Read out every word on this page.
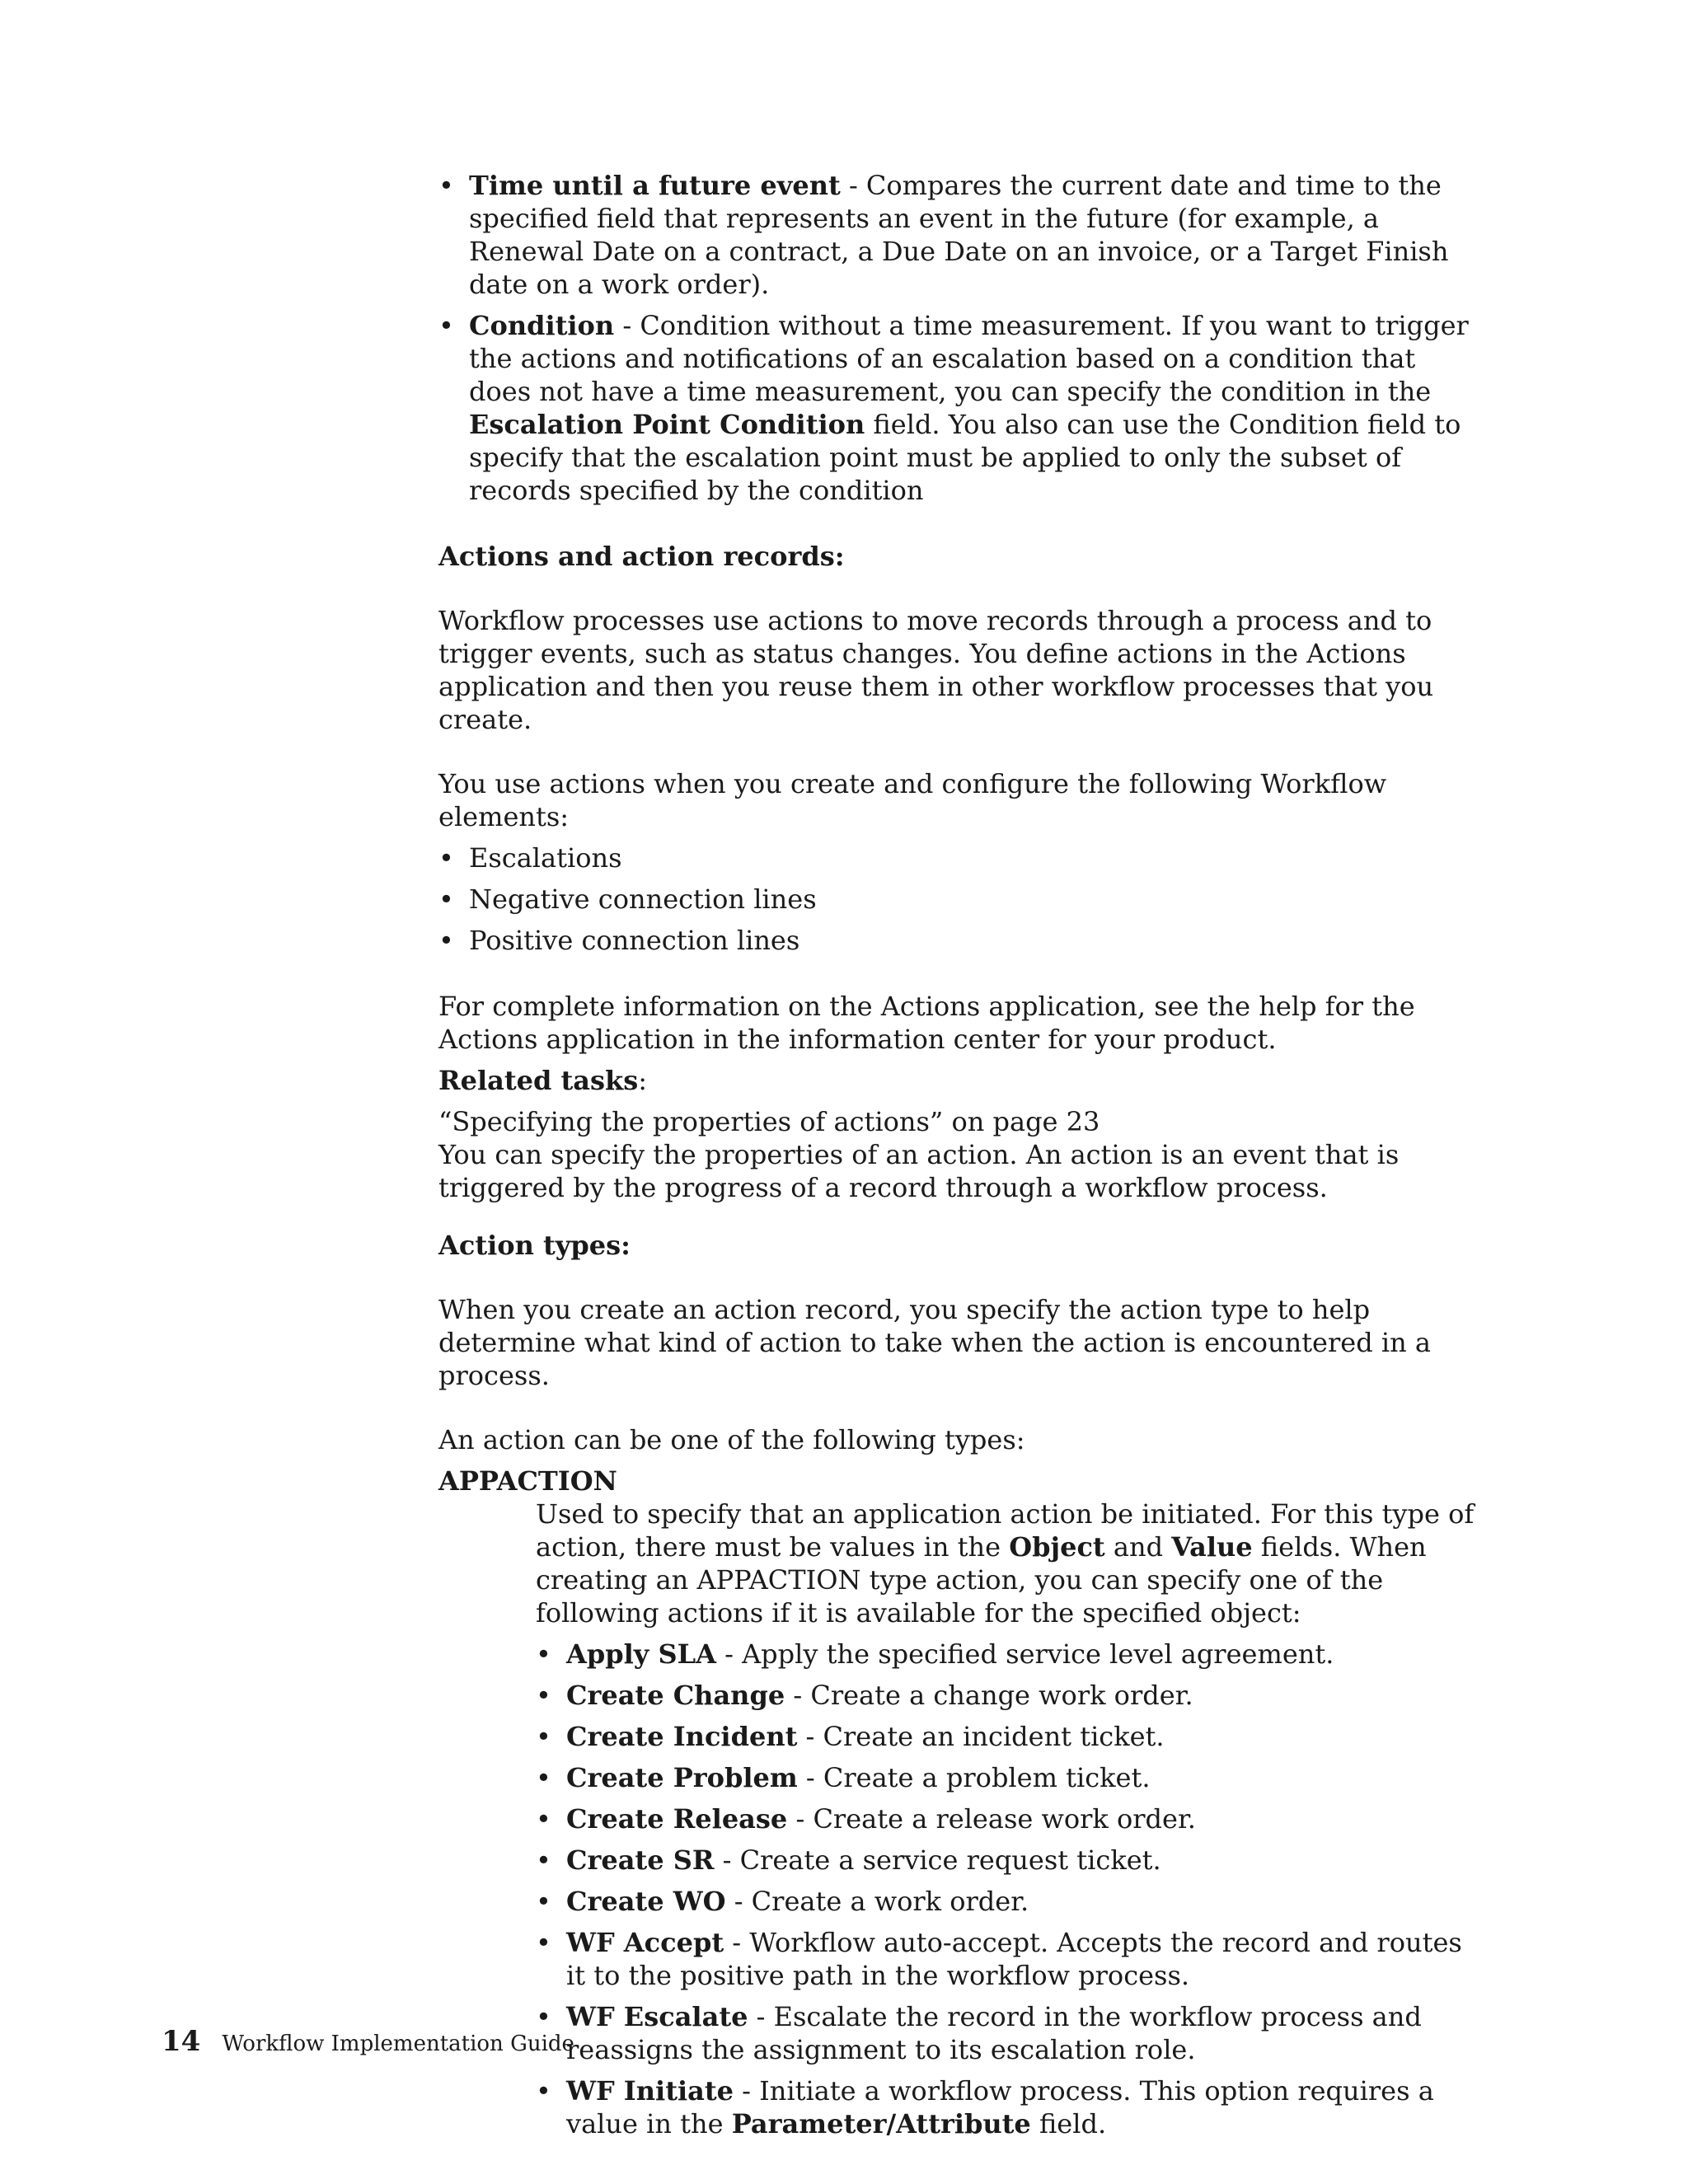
• Time until a future event - Compares the current date and time to the specified field that represents an event in the future (for example, a Renewal Date on a contract, a Due Date on an invoice, or a Target Finish date on a work order).
• Condition - Condition without a time measurement. If you want to trigger the actions and notifications of an escalation based on a condition that does not have a time measurement, you can specify the condition in the Escalation Point Condition field. You also can use the Condition field to specify that the escalation point must be applied to only the subset of records specified by the condition

Actions and action records:

Workflow processes use actions to move records through a process and to trigger events, such as status changes. You define actions in the Actions application and then you reuse them in other workflow processes that you create.

You use actions when you create and configure the following Workflow elements:

• Escalations
• Negative connection lines
• Positive connection lines

For complete information on the Actions application, see the help for the Actions application in the information center for your product.

Related tasks:

“Specifying the properties of actions” on page 23

You can specify the properties of an action. An action is an event that is triggered by the progress of a record through a workflow process.

Action types:

When you create an action record, you specify the action type to help determine what kind of action to take when the action is encountered in a process.

An action can be one of the following types:

APPACTION

Used to specify that an application action be initiated. For this type of action, there must be values in the Object and Value fields. When creating an APPACTION type action, you can specify one of the following actions if it is available for the specified object:

• Apply SLA - Apply the specified service level agreement.
• Create Change - Create a change work order.
• Create Incident - Create an incident ticket.
• Create Problem - Create a problem ticket.
• Create Release - Create a release work order.
• Create SR - Create a service request ticket.
• Create WO - Create a work order.
• WF Accept - Workflow auto-accept. Accepts the record and routes it to the positive path in the workflow process.
• WF Escalate - Escalate the record in the workflow process and reassigns the assignment to its escalation role.
• WF Initiate - Initiate a workflow process. This option requires a value in the Parameter/Attribute field.
14 Workflow Implementation Guide
